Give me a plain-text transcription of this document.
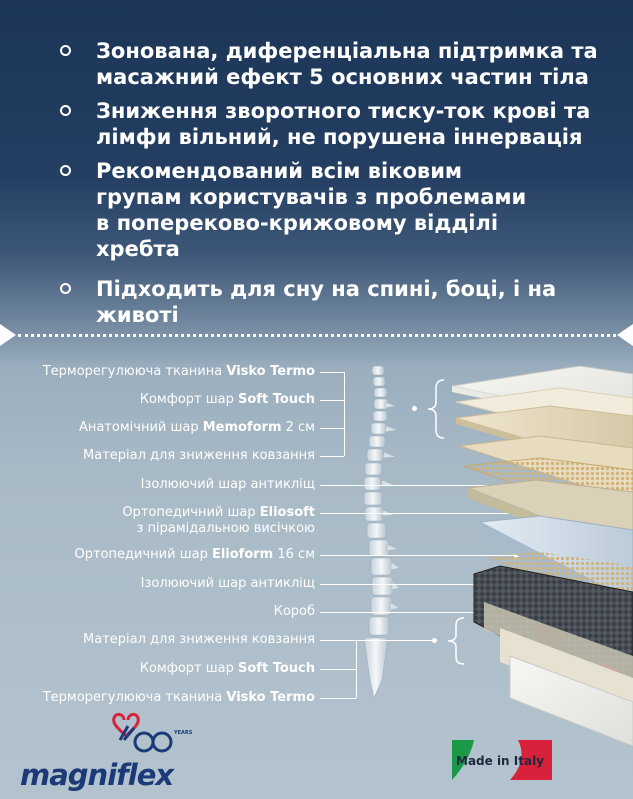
Зонована, диференціальна підтримка та масажний ефект 5 основних частин тіла
Зниження зворотного тиску-ток крові та лімфи вільний, не порушена іннервація
Рекомендований всім віковим групам користувачів з проблемами в попереково-крижовому відділі хребта
Підходить для сну на спині, боці, і на животі
Терморегулююча тканина Visko Termo
Комфорт шар Soft Touch
Анатомічний шар Memoform 2 см
Матеріал для зниження ковзання
Ізолюючий шар антикліщ
Ортопедичний шар Eliosoft
з пірамідальною висічкою
Ортопедичний шар Elioform 16 см
Ізолюючий шар антикліщ
Короб
Матеріал для зниження ковзання
Комфорт шар Soft Touch
Терморегулююча тканина Visko Termo
YEARS
magniflex	Made in Italy
